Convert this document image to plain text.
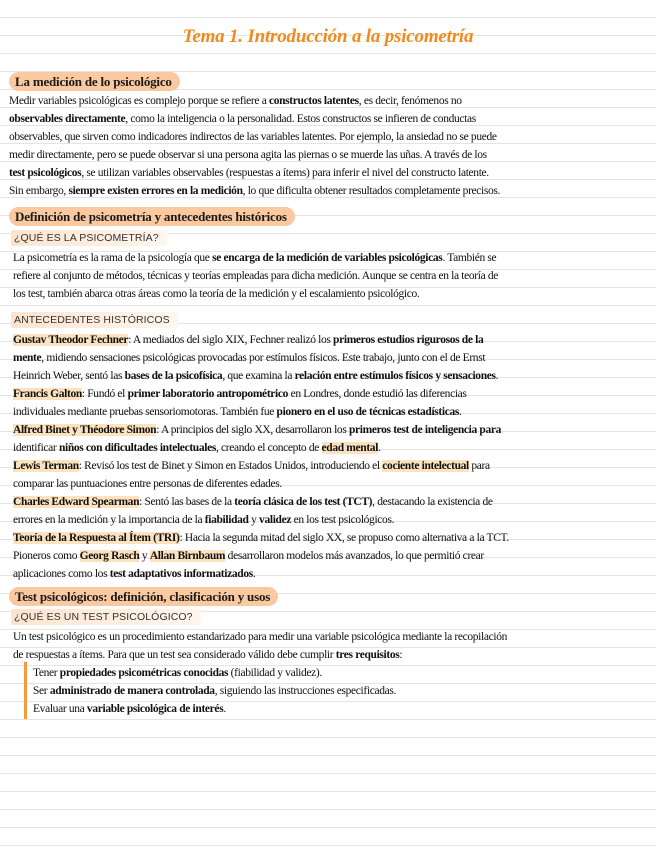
Tema 1. Introducción a la psicometría
La medición de lo psicológico
Medir variables psicológicas es complejo porque se refiere a constructos latentes, es decir, fenómenos no
observables directamente, como la inteligencia o la personalidad. Estos constructos se infieren de conductas
observables, que sirven como indicadores indirectos de las variables latentes. Por ejemplo, la ansiedad no se puede
medir directamente, pero se puede observar si una persona agita las piernas o se muerde las uñas. A través de los
test psicológicos, se utilizan variables observables (respuestas a ítems) para inferir el nivel del constructo latente.
Sin embargo, siempre existen errores en la medición, lo que dificulta obtener resultados completamente precisos.
Definición de psicometría y antecedentes históricos
¿QUÉ ES LA PSICOMETRÍA?
La psicometría es la rama de la psicología que se encarga de la medición de variables psicológicas. También se
refiere al conjunto de métodos, técnicas y teorías empleadas para dicha medición. Aunque se centra en la teoría de
los test, también abarca otras áreas como la teoría de la medición y el escalamiento psicológico.
ANTECEDENTES HISTÓRICOS
Gustav Theodor Fechner: A mediados del siglo XIX, Fechner realizó los primeros estudios rigurosos de la
mente, midiendo sensaciones psicológicas provocadas por estímulos físicos. Este trabajo, junto con el de Ernst
Heinrich Weber, sentó las bases de la psicofísica, que examina la relación entre estímulos físicos y sensaciones.
Francis Galton: Fundó el primer laboratorio antropométrico en Londres, donde estudió las diferencias
individuales mediante pruebas sensoriomotoras. También fue pionero en el uso de técnicas estadísticas.
Alfred Binet y Théodore Simon: A principios del siglo XX, desarrollaron los primeros test de inteligencia para
identificar niños con dificultades intelectuales, creando el concepto de edad mental.
Lewis Terman: Revisó los test de Binet y Simon en Estados Unidos, introduciendo el cociente intelectual para
comparar las puntuaciones entre personas de diferentes edades.
Charles Edward Spearman: Sentó las bases de la teoría clásica de los test (TCT), destacando la existencia de
errores en la medición y la importancia de la fiabilidad y validez en los test psicológicos.
Teoría de la Respuesta al Ítem (TRI): Hacia la segunda mitad del siglo XX, se propuso como alternativa a la TCT.
Pioneros como Georg Rasch y Allan Birnbaum desarrollaron modelos más avanzados, lo que permitió crear
aplicaciones como los test adaptativos informatizados.
Test psicológicos: definición, clasificación y usos
¿QUÉ ES UN TEST PSICOLÓGICO?
Un test psicológico es un procedimiento estandarizado para medir una variable psicológica mediante la recopilación
de respuestas a ítems. Para que un test sea considerado válido debe cumplir tres requisitos:
Tener propiedades psicométricas conocidas (fiabilidad y validez).
Ser administrado de manera controlada, siguiendo las instrucciones especificadas.
Evaluar una variable psicológica de interés.
